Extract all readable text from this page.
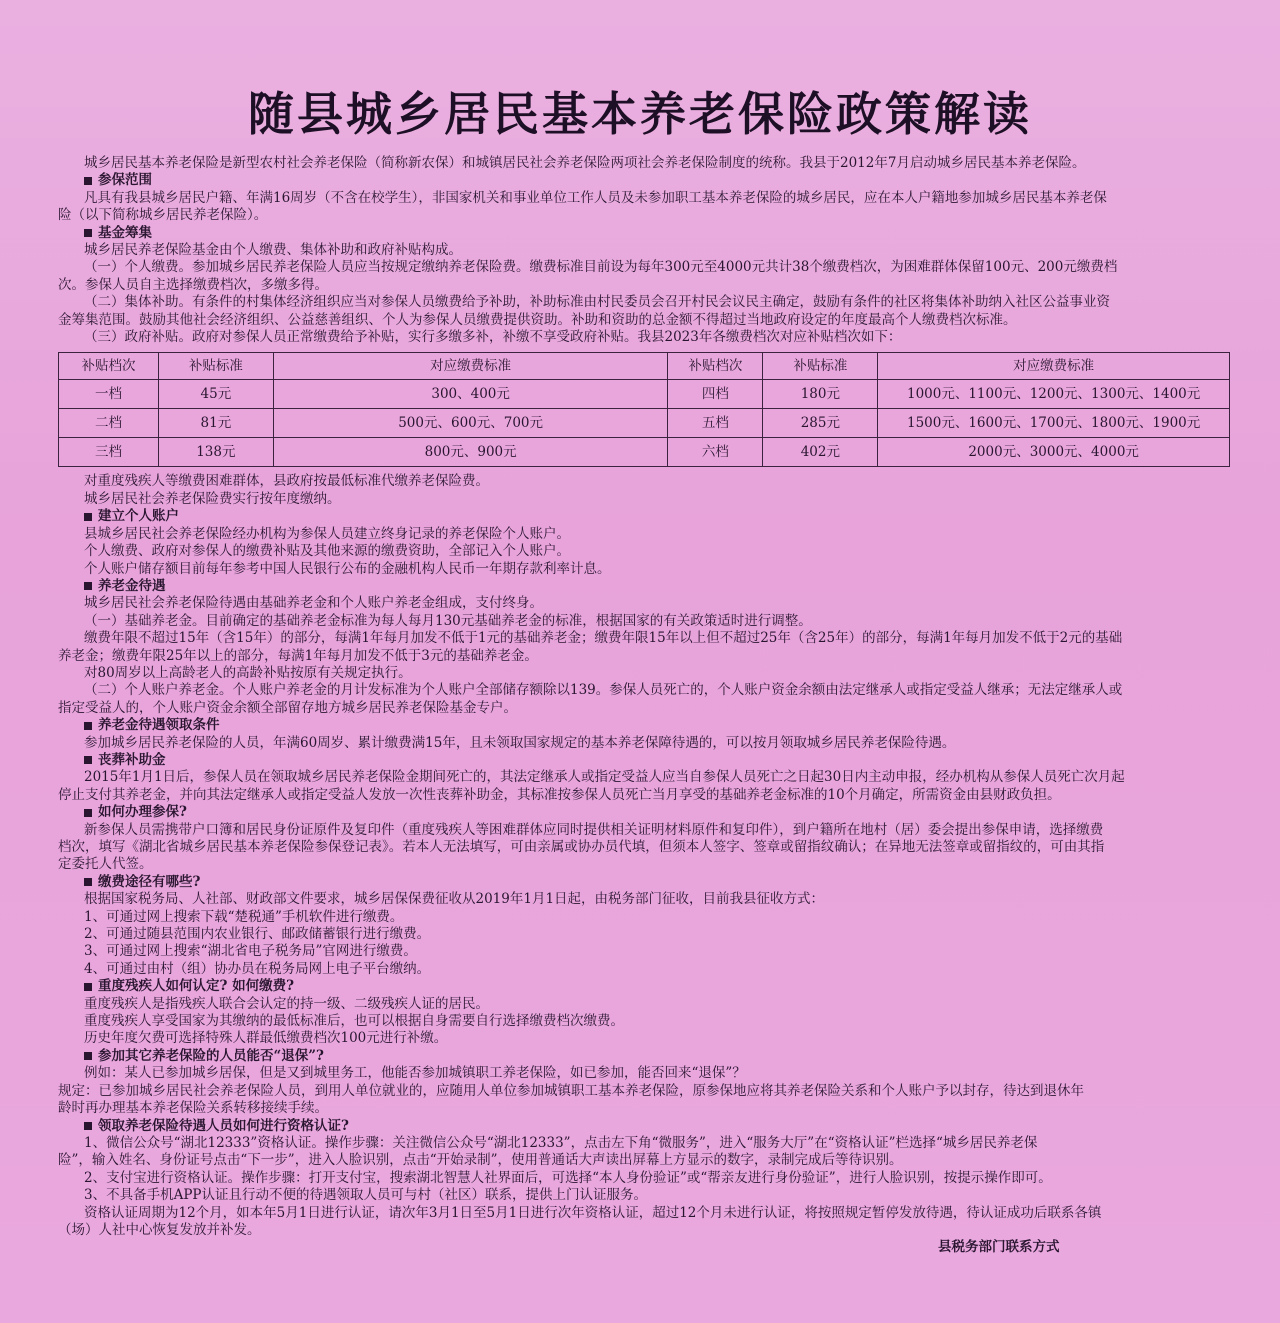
随县城乡居民基本养老保险政策解读

城乡居民基本养老保险是新型农村社会养老保险（简称新农保）和城镇居民社会养老保险两项社会养老保险制度的统称。我县于2012年7月启动城乡居民基本养老保险。

参保范围

凡具有我县城乡居民户籍、年满16周岁（不含在校学生），非国家机关和事业单位工作人员及未参加职工基本养老保险的城乡居民，应在本人户籍地参加城乡居民基本养老保

险（以下简称城乡居民养老保险）。

基金筹集

城乡居民养老保险基金由个人缴费、集体补助和政府补贴构成。

（一）个人缴费。参加城乡居民养老保险人员应当按规定缴纳养老保险费。缴费标准目前设为每年300元至4000元共计38个缴费档次，为困难群体保留100元、200元缴费档

次。参保人员自主选择缴费档次，多缴多得。

（二）集体补助。有条件的村集体经济组织应当对参保人员缴费给予补助，补助标准由村民委员会召开村民会议民主确定，鼓励有条件的社区将集体补助纳入社区公益事业资

金筹集范围。鼓励其他社会经济组织、公益慈善组织、个人为参保人员缴费提供资助。补助和资助的总金额不得超过当地政府设定的年度最高个人缴费档次标准。

（三）政府补贴。政府对参保人员正常缴费给予补贴，实行多缴多补，补缴不享受政府补贴。我县2023年各缴费档次对应补贴档次如下：

补贴档次	补贴标准	对应缴费标准	补贴档次	补贴标准	对应缴费标准
一档	45元	300、400元	四档	180元	1000元、1100元、1200元、1300元、1400元
二档	81元	500元、600元、700元	五档	285元	1500元、1600元、1700元、1800元、1900元
三档	138元	800元、900元	六档	402元	2000元、3000元、4000元

对重度残疾人等缴费困难群体，县政府按最低标准代缴养老保险费。

城乡居民社会养老保险费实行按年度缴纳。

建立个人账户

县城乡居民社会养老保险经办机构为参保人员建立终身记录的养老保险个人账户。

个人缴费、政府对参保人的缴费补贴及其他来源的缴费资助，全部记入个人账户。

个人账户储存额目前每年参考中国人民银行公布的金融机构人民币一年期存款利率计息。

养老金待遇

城乡居民社会养老保险待遇由基础养老金和个人账户养老金组成，支付终身。

（一）基础养老金。目前确定的基础养老金标准为每人每月130元基础养老金的标准，根据国家的有关政策适时进行调整。

缴费年限不超过15年（含15年）的部分，每满1年每月加发不低于1元的基础养老金；缴费年限15年以上但不超过25年（含25年）的部分，每满1年每月加发不低于2元的基础

养老金；缴费年限25年以上的部分，每满1年每月加发不低于3元的基础养老金。

对80周岁以上高龄老人的高龄补贴按原有关规定执行。

（二）个人账户养老金。个人账户养老金的月计发标准为个人账户全部储存额除以139。参保人员死亡的，个人账户资金余额由法定继承人或指定受益人继承；无法定继承人或

指定受益人的，个人账户资金余额全部留存地方城乡居民养老保险基金专户。

养老金待遇领取条件

参加城乡居民养老保险的人员，年满60周岁、累计缴费满15年，且未领取国家规定的基本养老保障待遇的，可以按月领取城乡居民养老保险待遇。

丧葬补助金

2015年1月1日后，参保人员在领取城乡居民养老保险金期间死亡的，其法定继承人或指定受益人应当自参保人员死亡之日起30日内主动申报，经办机构从参保人员死亡次月起

停止支付其养老金，并向其法定继承人或指定受益人发放一次性丧葬补助金，其标准按参保人员死亡当月享受的基础养老金标准的10个月确定，所需资金由县财政负担。

如何办理参保?

新参保人员需携带户口簿和居民身份证原件及复印件（重度残疾人等困难群体应同时提供相关证明材料原件和复印件），到户籍所在地村（居）委会提出参保申请，选择缴费

档次，填写《湖北省城乡居民基本养老保险参保登记表》。若本人无法填写，可由亲属或协办员代填，但须本人签字、签章或留指纹确认；在异地无法签章或留指纹的，可由其指

定委托人代签。

缴费途径有哪些?

根据国家税务局、人社部、财政部文件要求，城乡居保保费征收从2019年1月1日起，由税务部门征收，目前我县征收方式：

1、可通过网上搜索下载“楚税通”手机软件进行缴费。

2、可通过随县范围内农业银行、邮政储蓄银行进行缴费。

3、可通过网上搜索“湖北省电子税务局”官网进行缴费。

4、可通过由村（组）协办员在税务局网上电子平台缴纳。

重度残疾人如何认定? 如何缴费?

重度残疾人是指残疾人联合会认定的持一级、二级残疾人证的居民。

重度残疾人享受国家为其缴纳的最低标准后，也可以根据自身需要自行选择缴费档次缴费。

历史年度欠费可选择特殊人群最低缴费档次100元进行补缴。

参加其它养老保险的人员能否“退保”?

例如：某人已参加城乡居保，但是又到城里务工，他能否参加城镇职工养老保险，如已参加，能否回来“退保”？

规定：已参加城乡居民社会养老保险人员，到用人单位就业的，应随用人单位参加城镇职工基本养老保险，原参保地应将其养老保险关系和个人账户予以封存，待达到退休年

龄时再办理基本养老保险关系转移接续手续。

领取养老保险待遇人员如何进行资格认证?

1、微信公众号“湖北12333”资格认证。操作步骤：关注微信公众号“湖北12333”，点击左下角“微服务”，进入“服务大厅”在“资格认证”栏选择“城乡居民养老保

险”，输入姓名、身份证号点击“下一步”，进入人脸识别，点击“开始录制”，使用普通话大声读出屏幕上方显示的数字，录制完成后等待识别。

2、支付宝进行资格认证。操作步骤：打开支付宝，搜索湖北智慧人社界面后，可选择“本人身份验证”或“帮亲友进行身份验证”，进行人脸识别，按提示操作即可。

3、不具备手机APP认证且行动不便的待遇领取人员可与村（社区）联系，提供上门认证服务。

资格认证周期为12个月，如本年5月1日进行认证，请次年3月1日至5月1日进行次年资格认证，超过12个月未进行认证，将按照规定暂停发放待遇，待认证成功后联系各镇

（场）人社中心恢复发放并补发。

县税务部门联系方式
